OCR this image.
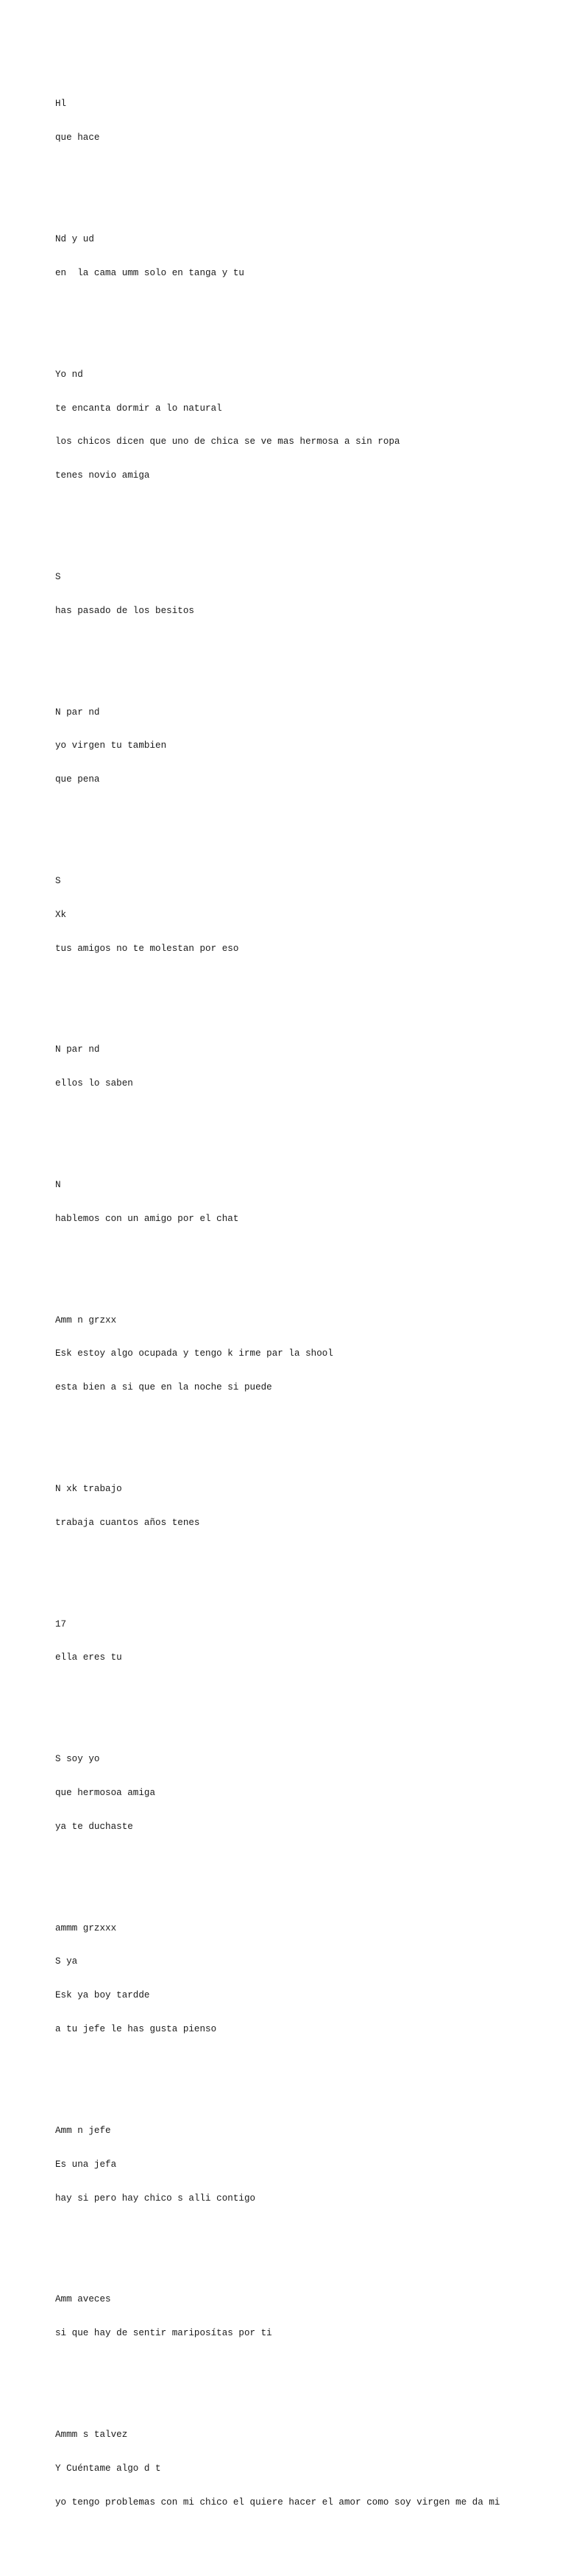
Hl

que hace

Nd y ud

en  la cama umm solo en tanga y tu

Yo nd

te encanta dormir a lo natural

los chicos dicen que uno de chica se ve mas hermosa a sin ropa

tenes novio amiga

S

has pasado de los besitos

N par nd

yo virgen tu tambien

que pena

S

Xk

tus amigos no te molestan por eso

N par nd

ellos lo saben

N

hablemos con un amigo por el chat

Amm n grzxx

Esk estoy algo ocupada y tengo k irme par la shool

esta bien a si que en la noche si puede

N xk trabajo

trabaja cuantos años tenes

17

ella eres tu

S soy yo

que hermosoa amiga

ya te duchaste

ammm grzxxx

S ya

Esk ya boy tardde

a tu jefe le has gusta pienso

Amm n jefe

Es una jefa

hay si pero hay chico s alli contigo

Amm aveces

si que hay de sentir mariposítas por ti

Ammm s talvez

Y Cuéntame algo d t

yo tengo problemas con mi chico el quiere hacer el amor como soy virgen me da mi
